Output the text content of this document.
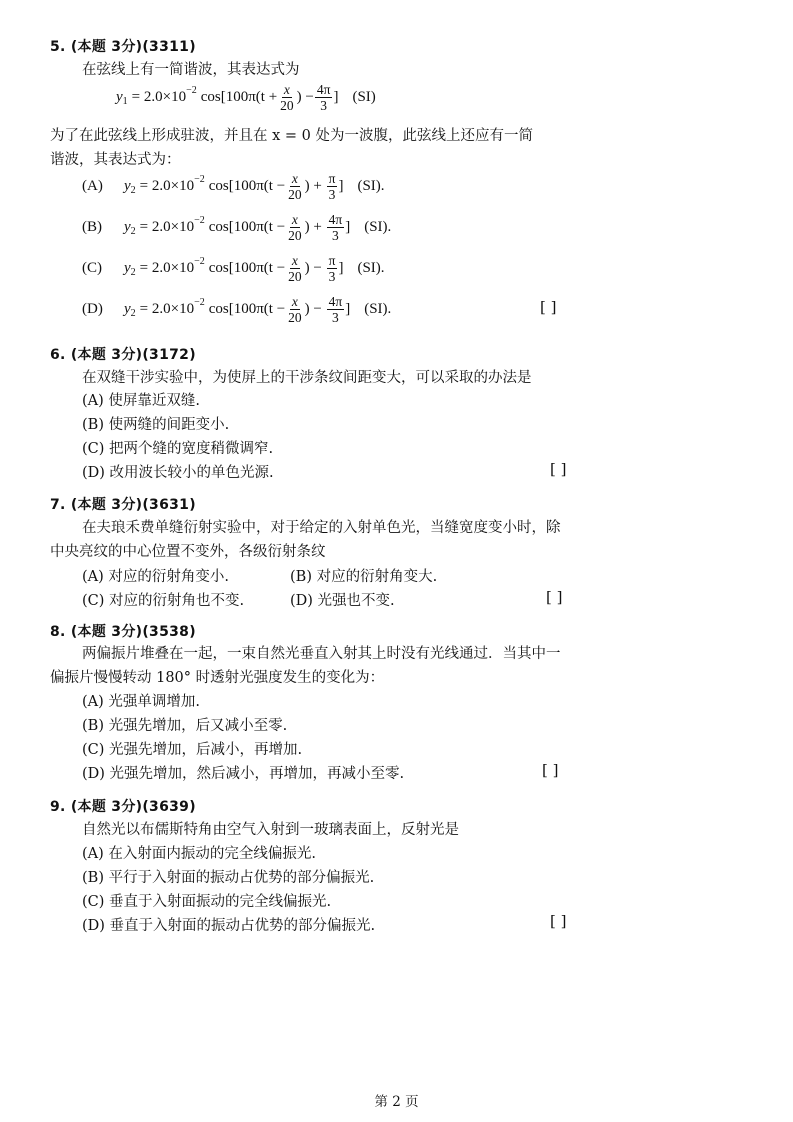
5. (本题 3分)(3311)
在弦线上有一简谐波，其表达式为
y 1 = 2.0×10 −2 $\cos[100\pi(t + \frac{x}{20}$ ) − $\frac{4\pi}{3}$ ] (SI)
为了在此弦线上形成驻波，并且在 x = 0 处为一波腹，此弦线上还应有一简
谐波，其表达式为：
(A)	y 2 = 2.0×10 −2 $\cos[100\pi(t - \frac{x}{20}$ ) +
$\frac{\pi}{3}$ ] (SI).
(B)	y 2 = 2.0×10 −2 $\cos[100\pi(t - \frac{x}{20}$ ) +
$\frac{4\pi}{3}$ ] (SI).
(C)	y 2 = 2.0×10 −2 $\cos[100\pi(t - \frac{x}{20}$ ) −
$\frac{\pi}{3}$ ] (SI).
(D)	y 2 = 2.0×10 −2 $\cos[100\pi(t - \frac{x}{20}$ ) −
$\frac{4\pi}{3}$ ] (SI).	[ ]
6. (本题 3分)(3172)
在双缝干涉实验中，为使屏上的干涉条纹间距变大，可以采取的办法是
(A) 使屏靠近双缝.
(B) 使两缝的间距变小.
(C) 把两个缝的宽度稍微调窄.
(D) 改用波长较小的单色光源.	[ ]
7. (本题 3分)(3631)
在夫琅禾费单缝衍射实验中，对于给定的入射单色光，当缝宽度变小时，除
中央亮纹的中心位置不变外，各级衍射条纹
(A) 对应的衍射角变小.	(B) 对应的衍射角变大.
(C) 对应的衍射角也不变.	(D) 光强也不变.	[ ]
8. (本题 3分)(3538)
两偏振片堆叠在一起，一束自然光垂直入射其上时没有光线通过．当其中一
偏振片慢慢转动 180° 时透射光强度发生的变化为：
(A) 光强单调增加.
(B) 光强先增加，后又减小至零.
(C) 光强先增加，后减小，再增加.
(D) 光强先增加，然后减小，再增加，再减小至零.	[ ]
9. (本题 3分)(3639)
自然光以布儒斯特角由空气入射到一玻璃表面上，反射光是
(A) 在入射面内振动的完全线偏振光.
(B) 平行于入射面的振动占优势的部分偏振光.
(C) 垂直于入射面振动的完全线偏振光.
(D) 垂直于入射面的振动占优势的部分偏振光.	[ ]
第 2 页
